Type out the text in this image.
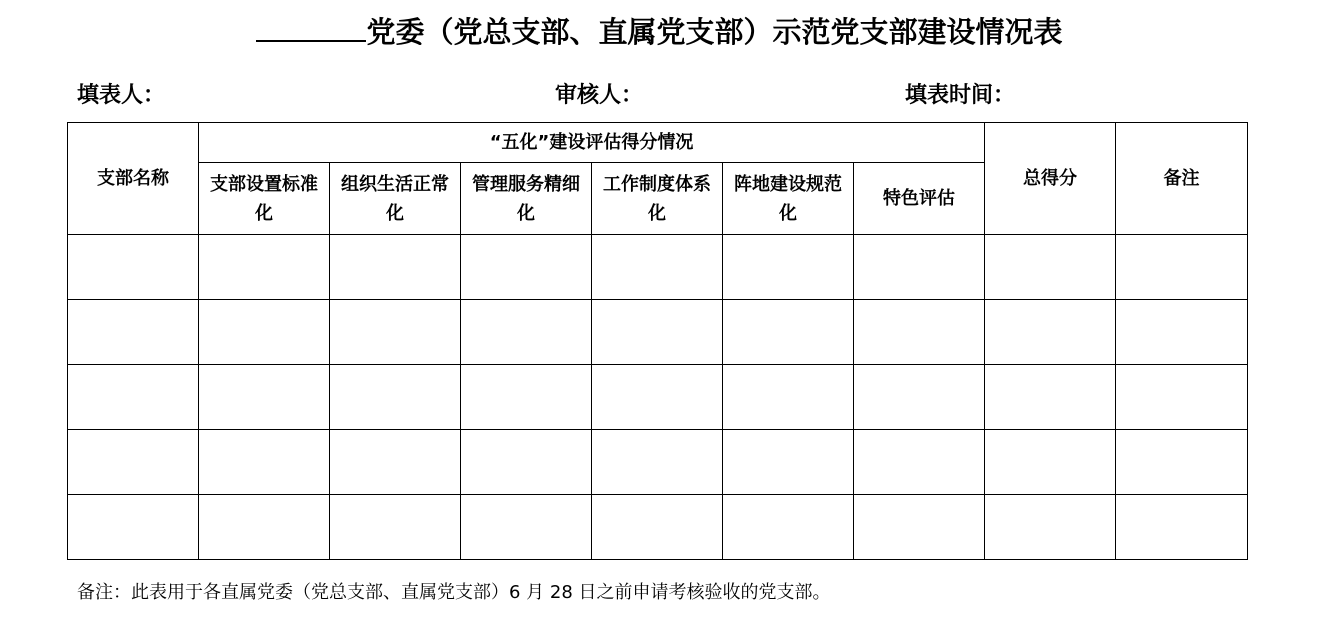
党委（党总支部、直属党支部）示范党支部建设情况表
填表人：	审核人：	填表时间：
支部名称	“五化”建设评估得分情况						总得分	备注
	支部设置标准化	组织生活正常化	管理服务精细化	工作制度体系化	阵地建设规范化	特色评估		

备注：此表用于各直属党委（党总支部、直属党支部）6 月 28 日之前申请考核验收的党支部。
